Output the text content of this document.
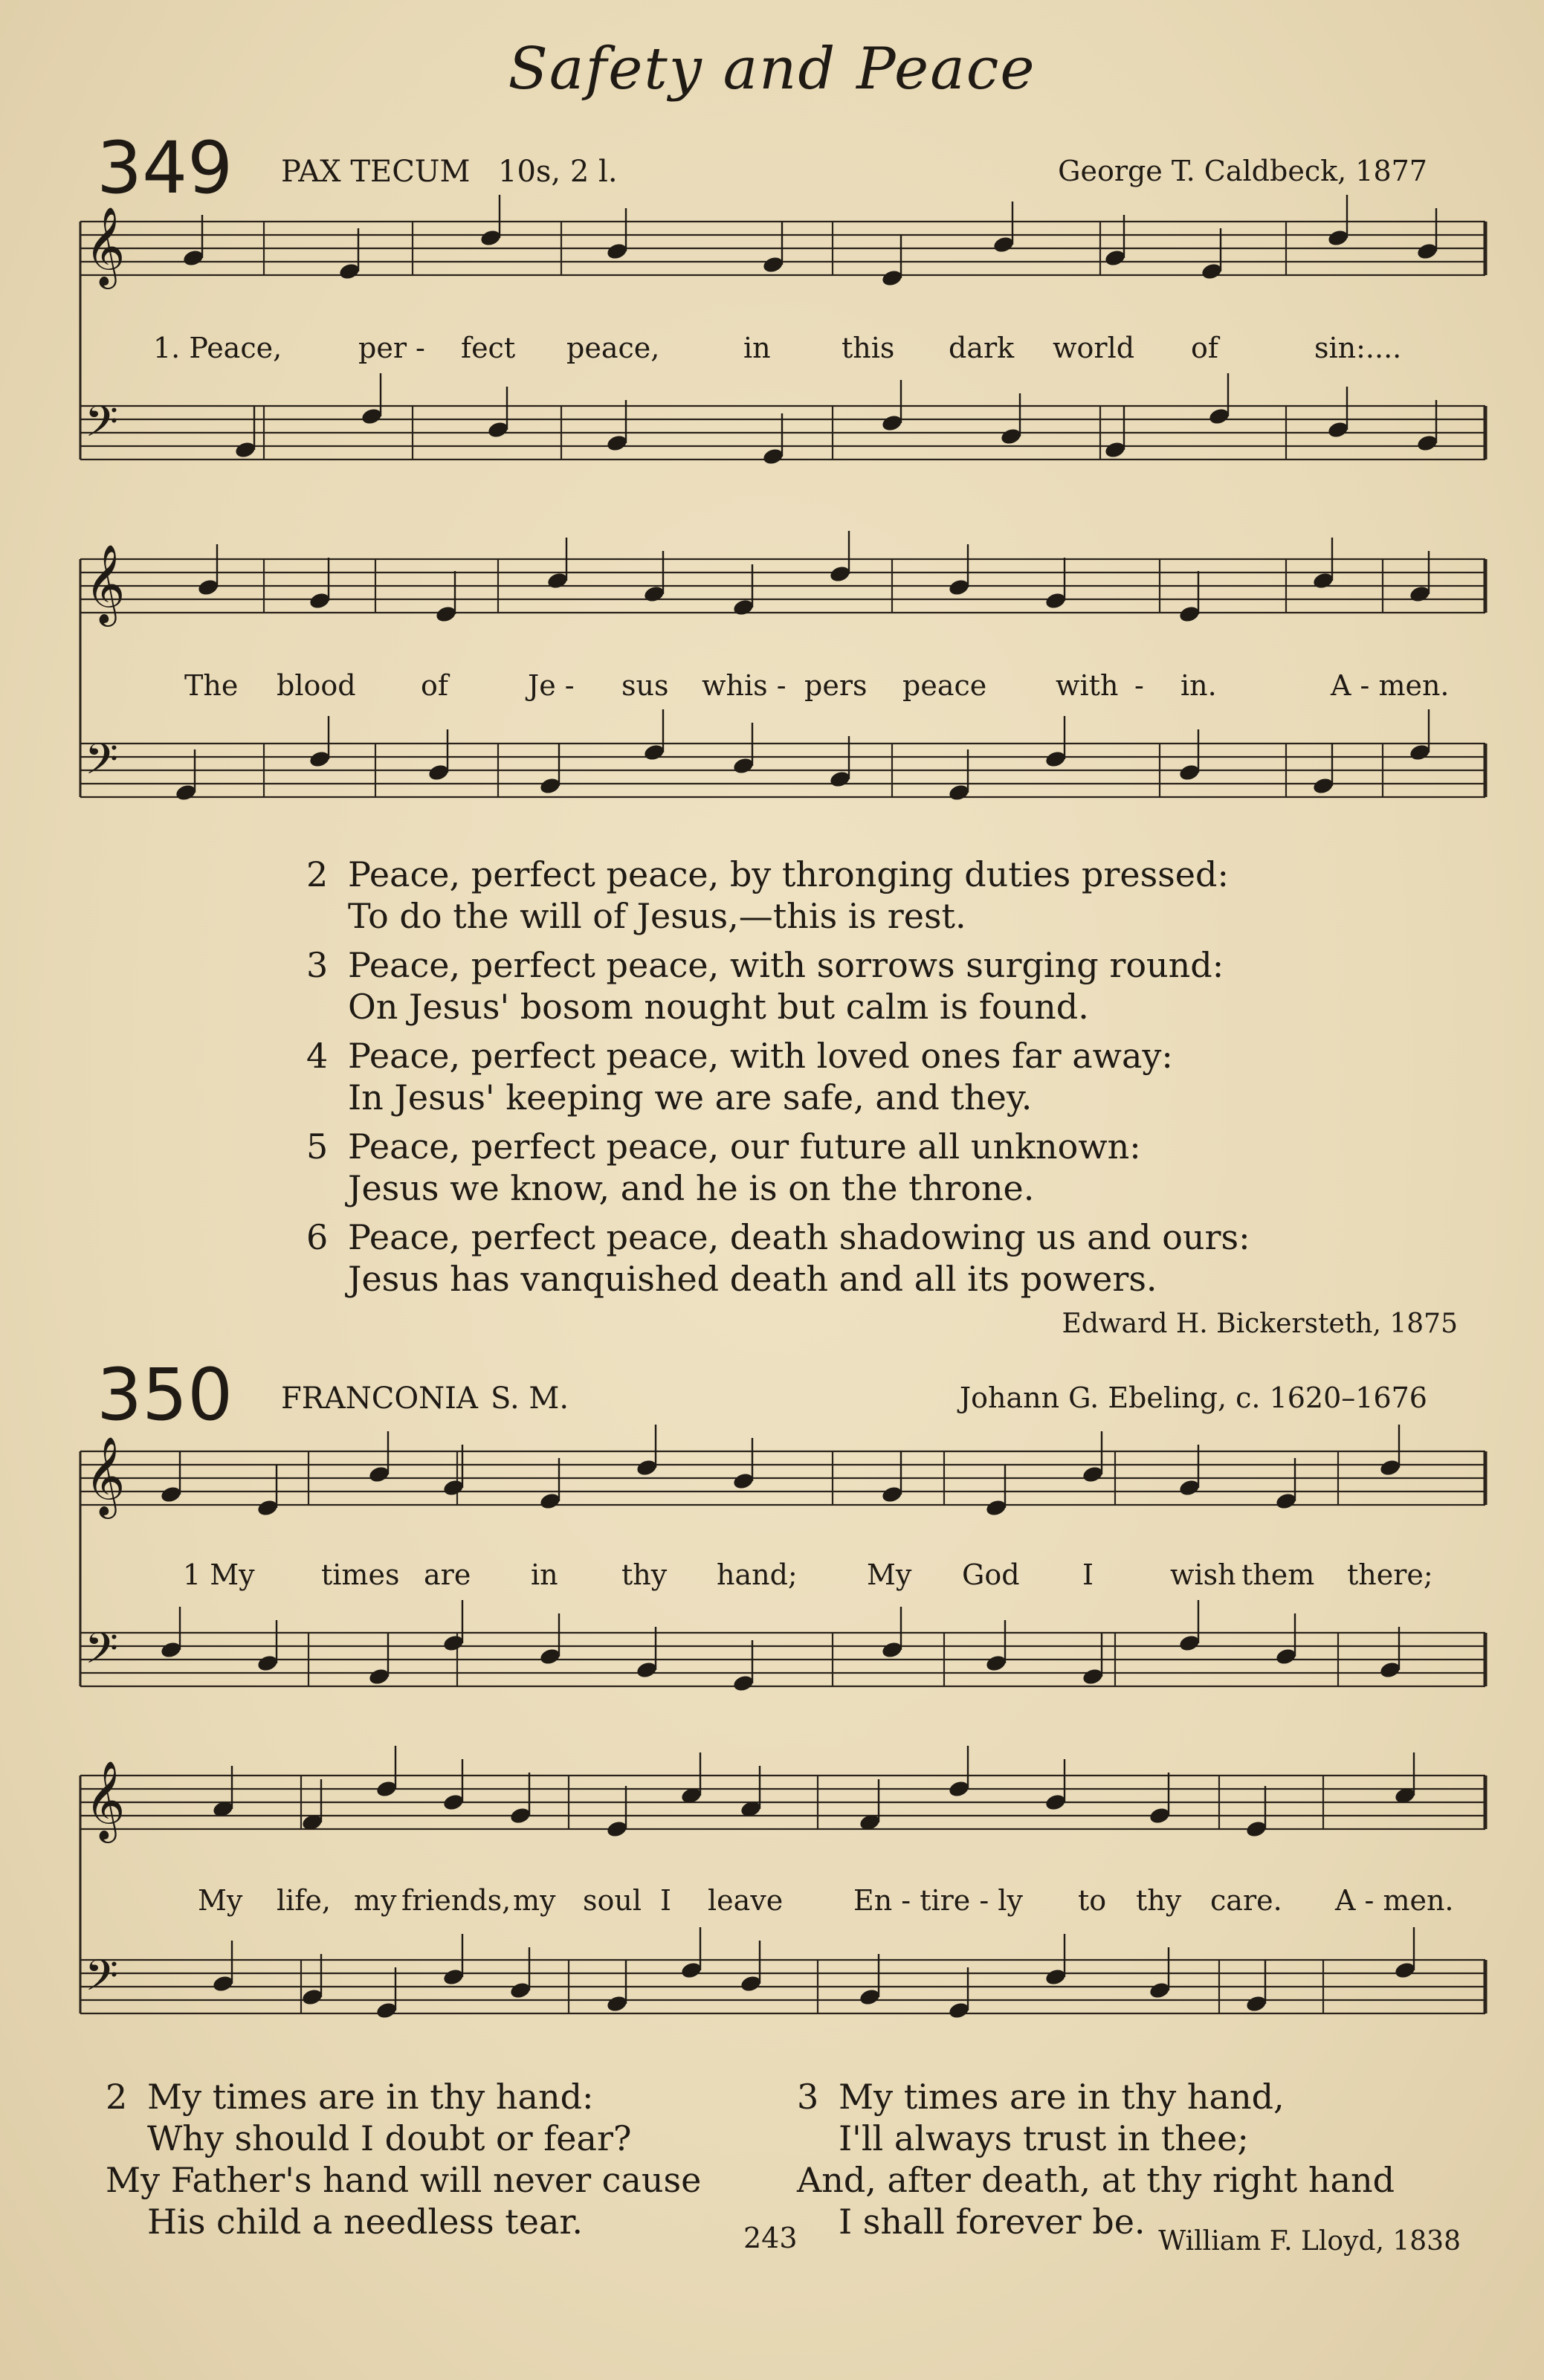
Safety and Peace
349 PAX TECUM 10s, 2 l.	George T. Caldbeck, 1877
𝄞
𝄢
𝄞
𝄢
𝄞
𝄢
𝄞
𝄢
1. Peace,	per - fect peace,	in	this dark world of	sin:....
The blood of	Je - sus whis - pers peace with - in.	A - men.
2 Peace, perfect peace, by thronging duties pressed:
To do the will of Jesus,—this is rest.
3 Peace, perfect peace, with sorrows surging round:
On Jesus' bosom nought but calm is found.
4 Peace, perfect peace, with loved ones far away:
In Jesus' keeping we are safe, and they.
5 Peace, perfect peace, our future all unknown:
Jesus we know, and he is on the throne.
6 Peace, perfect peace, death shadowing us and ours:
Jesus has vanquished death and all its powers.
Edward H. Bickersteth, 1875
350 FRANCONIA S. M.	Johann G. Ebeling, c. 1620–1676
1 My times are in thy hand; My God I	wish them there;
My life, my friends, my soul I leave En - tire - ly to thy care. A - men.
2 My times are in thy hand:
Why should I doubt or fear?
My Father's hand will never cause
His child a needless tear.
3 My times are in thy hand,
I'll always trust in thee;
And, after death, at thy right hand
I shall forever be.
243	William F. Lloyd, 1838
